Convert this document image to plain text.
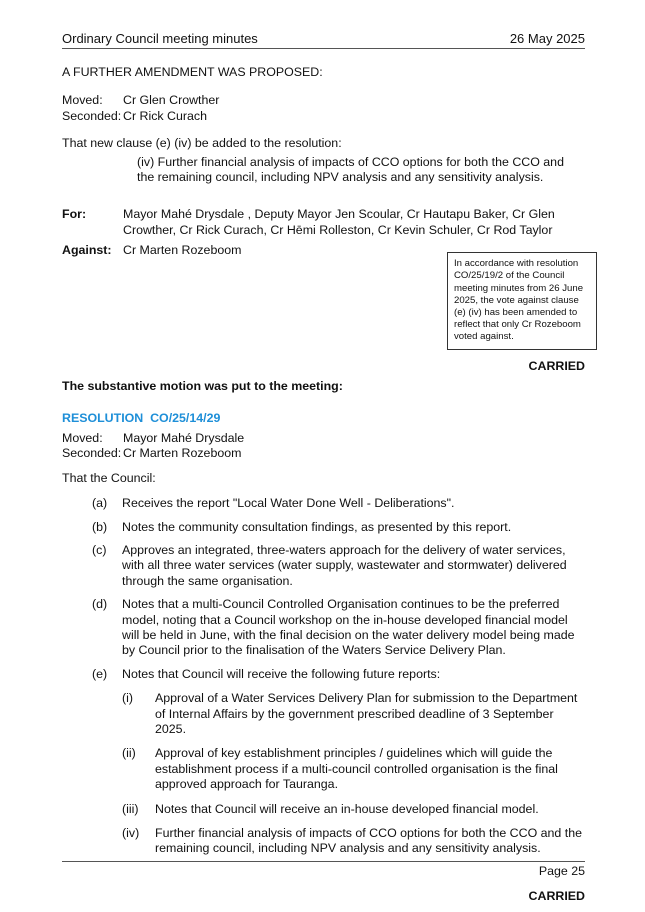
Ordinary Council meeting minutes	26 May 2025
A FURTHER AMENDMENT WAS PROPOSED:
Moved:	Cr Glen Crowther
Seconded: Cr Rick Curach
That new clause (e) (iv) be added to the resolution:
(iv) Further financial analysis of impacts of CCO options for both the CCO and the remaining council, including NPV analysis and any sensitivity analysis.
For:	Mayor Mahé Drysdale , Deputy Mayor Jen Scoular, Cr Hautapu Baker, Cr Glen Crowther, Cr Rick Curach, Cr Hēmi Rolleston, Cr Kevin Schuler, Cr Rod Taylor
Against: Cr Marten Rozeboom
In accordance with resolution CO/25/19/2 of the Council meeting minutes from 26 June 2025, the vote against clause (e) (iv) has been amended to reflect that only Cr Rozeboom voted against.
CARRIED
The substantive motion was put to the meeting:
RESOLUTION  CO/25/14/29
Moved:	Mayor Mahé Drysdale
Seconded: Cr Marten Rozeboom
That the Council:
(a)	Receives the report "Local Water Done Well - Deliberations".
(b)	Notes the community consultation findings, as presented by this report.
(c)	Approves an integrated, three-waters approach for the delivery of water services, with all three water services (water supply, wastewater and stormwater) delivered through the same organisation.
(d)	Notes that a multi-Council Controlled Organisation continues to be the preferred model, noting that a Council workshop on the in-house developed financial model will be held in June, with the final decision on the water delivery model being made by Council prior to the finalisation of the Waters Service Delivery Plan.
(e)	Notes that Council will receive the following future reports:
(i)	Approval of a Water Services Delivery Plan for submission to the Department of Internal Affairs by the government prescribed deadline of 3 September 2025.
(ii)	Approval of key establishment principles / guidelines which will guide the establishment process if a multi-council controlled organisation is the final approved approach for Tauranga.
(iii)	Notes that Council will receive an in-house developed financial model.
(iv)	Further financial analysis of impacts of CCO options for both the CCO and the remaining council, including NPV analysis and any sensitivity analysis.
CARRIED
Page 25
